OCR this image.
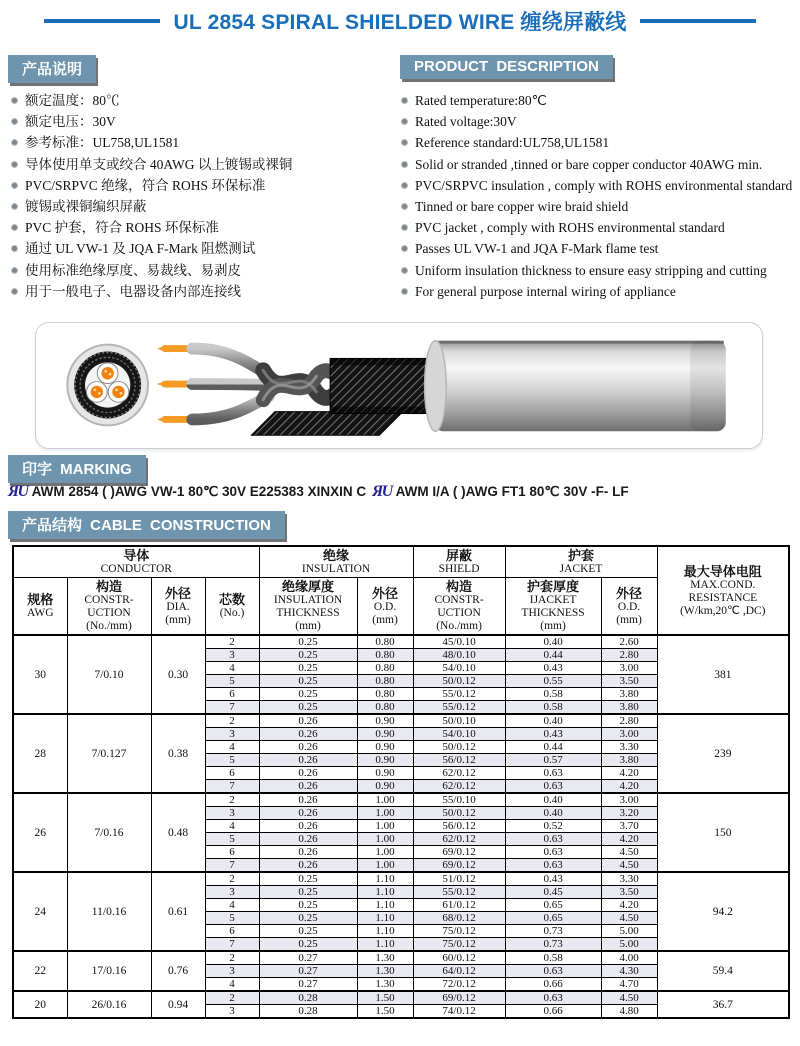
UL 2854 SPIRAL SHIELDED WIRE 缠绕屏蔽线
产品说明	PRODUCT DESCRIPTION
额定温度：80℃
额定电压：30V
参考标准：UL758,UL1581
导体使用单支或绞合 40AWG 以上镀锡或裸铜
PVC/SRPVC 绝缘，符合 ROHS 环保标准
镀锡或裸铜编织屏蔽
PVC 护套，符合 ROHS 环保标准
通过 UL VW-1 及 JQA F-Mark 阻燃测试
使用标准绝缘厚度、易裁线、易剥皮
用于一般电子、电器设备内部连接线
Rated temperature:80℃
Rated voltage:30V
Reference standard:UL758,UL1581
Solid or stranded ,tinned or bare copper conductor 40AWG min.
PVC/SRPVC insulation , comply with ROHS environmental standard
Tinned or bare copper wire braid shield
PVC jacket , comply with ROHS environmental standard
Passes UL VW-1 and JQA F-Mark flame test
Uniform insulation thickness to ensure easy stripping and cutting
For general purpose internal wiring of appliance
印字 MARKING
ЯU AWM 2854 ( )AWG VW-1 80℃ 30V E225383 XINXIN C ЯU AWM I/A ( )AWG FT1 80℃ 30V -F- LF
产品结构 CABLE CONSTRUCTION
导体
CONDUCTOR

绝缘
INSULATION

屏蔽
SHIELD

护套
JACKET	最大导体电阻
MAX.COND.
RESISTANCE
(W/km,20℃ ,DC)

规格
AWG

构造
CONSTR-
UCTION
(No./mm)

外径
DIA.
(mm)

芯数
(No.)

绝缘厚度
INSULATION
THICKNESS
(mm)

外径
O.D.
(mm)

构造
CONSTR-
UCTION
(No./mm)

护套厚度
IJACKET
THICKNESS
(mm)

外径
O.D.
(mm)

30	7/0.10	0.30	2	0.25	0.80	45/0.10	0.40	2.60	381
			3	0.25	0.80	48/0.10	0.44	2.80	
			4	0.25	0.80	54/0.10	0.43	3.00	
			5	0.25	0.80	50/0.12	0.55	3.50	
			6	0.25	0.80	55/0.12	0.58	3.80	
			7	0.25	0.80	55/0.12	0.58	3.80	
28	7/0.127	0.38	2	0.26	0.90	50/0.10	0.40	2.80	239
			3	0.26	0.90	54/0.10	0.43	3.00	
			4	0.26	0.90	50/0.12	0.44	3.30	
			5	0.26	0.90	56/0.12	0.57	3.80	
			6	0.26	0.90	62/0.12	0.63	4.20	
			7	0.26	0.90	62/0.12	0.63	4.20	
26	7/0.16	0.48	2	0.26	1.00	55/0.10	0.40	3.00	150
			3	0.26	1.00	50/0.12	0.40	3.20	
			4	0.26	1.00	56/0.12	0.52	3.70	
			5	0.26	1.00	62/0.12	0.63	4.20	
			6	0.26	1.00	69/0.12	0.63	4.50	
			7	0.26	1.00	69/0.12	0.63	4.50	
24	11/0.16	0.61	2	0.25	1.10	51/0.12	0.43	3.30	94.2
			3	0.25	1.10	55/0.12	0.45	3.50	
			4	0.25	1.10	61/0.12	0.65	4.20	
			5	0.25	1.10	68/0.12	0.65	4.50	
			6	0.25	1.10	75/0.12	0.73	5.00	
			7	0.25	1.10	75/0.12	0.73	5.00	
22	17/0.16	0.76	2	0.27	1.30	60/0.12	0.58	4.00	59.4
			3	0.27	1.30	64/0.12	0.63	4.30	
			4	0.27	1.30	72/0.12	0.66	4.70	
20	26/0.16	0.94	2	0.28	1.50	69/0.12	0.63	4.50	36.7
			3	0.28	1.50	74/0.12	0.66	4.80	
